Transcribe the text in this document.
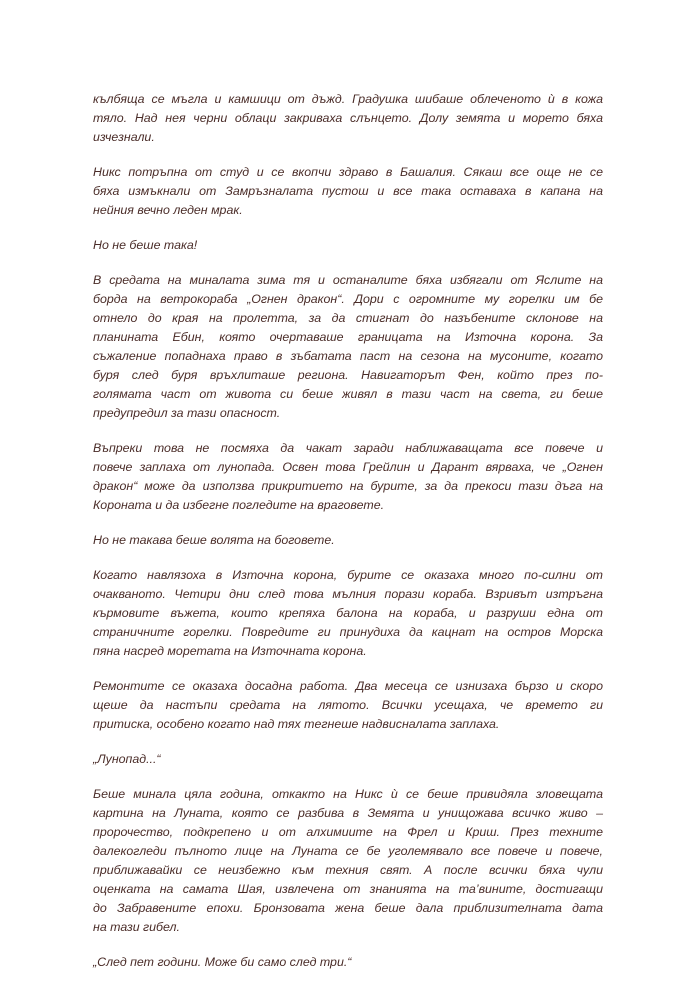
кълбяща се мъгла и камшици от дъжд. Градушка шибаше облеченото ѝ в кожа
тяло. Над нея черни облаци закриваха слънцето. Долу земята и морето бяха
изчезнали.
Никс потръпна от студ и се вкопчи здраво в Башалия. Сякаш все още не се
бяха измъкнали от Замръзналата пустош и все така оставаха в капана на
нейния вечно леден мрак.
Но не беше така!
В средата на миналата зима тя и останалите бяха избягали от Яслите на
борда на ветрокораба „Огнен дракон“. Дори с огромните му горелки им бе
отнело до края на пролетта, за да стигнат до назъбените склонове на
планината Ебин, която очертаваше границата на Източна корона. За
съжаление попаднаха право в зъбатата паст на сезона на мусоните, когато
буря след буря връхлиташе региона. Навигаторът Фен, който през по-
голямата част от живота си беше живял в тази част на света, ги беше
предупредил за тази опасност.
Въпреки това не посмяха да чакат заради наближаващата все повече и
повече заплаха от лунопада. Освен това Грейлин и Дарант вярваха, че „Огнен
дракон“ може да използва прикритието на бурите, за да прекоси тази дъга на
Короната и да избегне погледите на враговете.
Но не такава беше волята на боговете.
Когато навлязоха в Източна корона, бурите се оказаха много по-силни от
очакваното. Четири дни след това мълния порази кораба. Взривът изтръгна
кърмовите въжета, които крепяха балона на кораба, и разруши една от
страничните горелки. Повредите ги принудиха да кацнат на остров Морска
пяна насред моретата на Източната корона.
Ремонтите се оказаха досадна работа. Два месеца се изнизаха бързо и скоро
щеше да настъпи средата на лятото. Всички усещаха, че времето ги
притиска, особено когато над тях тегнеше надвисналата заплаха.
„Лунопад...“
Беше минала цяла година, откакто на Никс ѝ се беше привидяла зловещата
картина на Луната, която се разбива в Земята и унищожава всичко живо –
пророчество, подкрепено и от алхимиите на Фрел и Криш. През техните
далекогледи пълното лице на Луната се бе уголемявало все повече и повече,
приближавайки се неизбежно към техния свят. А после всички бяха чули
оценката на самата Шая, извлечена от знанията на та’вините, достигащи
до Забравените епохи. Бронзовата жена беше дала приблизителната дата
на тази гибел.
„След пет години. Може би само след три.“
